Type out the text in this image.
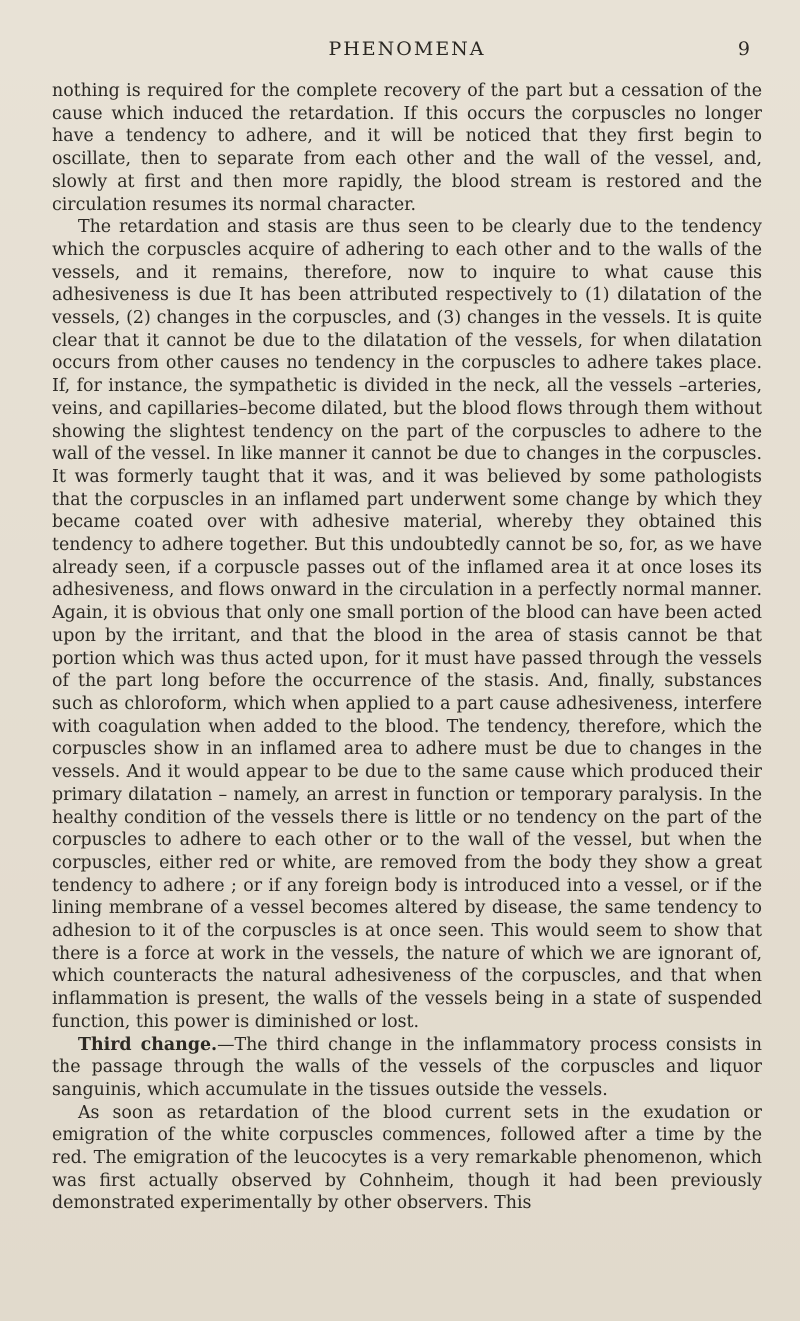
PHENOMENA	9

nothing is required for the complete recovery of the part but a cessation of the cause which induced the retardation. If this occurs the corpuscles no longer have a tendency to adhere, and it will be noticed that they first begin to oscillate, then to separate from each other and the wall of the vessel, and, slowly at first and then more rapidly, the blood stream is restored and the circulation resumes its normal character.

The retardation and stasis are thus seen to be clearly due to the tendency which the corpuscles acquire of adhering to each other and to the walls of the vessels, and it remains, therefore, now to inquire to what cause this adhesiveness is due It has been attributed respectively to (1) dilatation of the vessels, (2) changes in the corpuscles, and (3) changes in the vessels. It is quite clear that it cannot be due to the dilatation of the vessels, for when dilatation occurs from other causes no tendency in the corpuscles to adhere takes place. If, for instance, the sympathetic is divided in the neck, all the vessels –arteries, veins, and capillaries–become dilated, but the blood flows through them without showing the slightest tendency on the part of the corpuscles to adhere to the wall of the vessel. In like manner it cannot be due to changes in the corpuscles. It was formerly taught that it was, and it was believed by some pathologists that the corpuscles in an inflamed part underwent some change by which they became coated over with adhesive material, whereby they obtained this tendency to adhere together. But this undoubtedly cannot be so, for, as we have already seen, if a corpuscle passes out of the inflamed area it at once loses its adhesiveness, and flows onward in the circulation in a perfectly normal manner. Again, it is obvious that only one small portion of the blood can have been acted upon by the irritant, and that the blood in the area of stasis cannot be that portion which was thus acted upon, for it must have passed through the vessels of the part long before the occurrence of the stasis. And, finally, substances such as chloroform, which when applied to a part cause adhesiveness, interfere with coagulation when added to the blood. The tendency, therefore, which the corpuscles show in an inflamed area to adhere must be due to changes in the vessels. And it would appear to be due to the same cause which produced their primary dilatation – namely, an arrest in function or temporary paralysis. In the healthy condition of the vessels there is little or no tendency on the part of the corpuscles to adhere to each other or to the wall of the vessel, but when the corpuscles, either red or white, are removed from the body they show a great tendency to adhere ; or if any foreign body is introduced into a vessel, or if the lining membrane of a vessel becomes altered by disease, the same tendency to adhesion to it of the corpuscles is at once seen. This would seem to show that there is a force at work in the vessels, the nature of which we are ignorant of, which counteracts the natural adhesiveness of the corpuscles, and that when inflammation is present, the walls of the vessels being in a state of suspended function, this power is diminished or lost.

Third change.—The third change in the inflammatory process consists in the passage through the walls of the vessels of the corpuscles and liquor sanguinis, which accumulate in the tissues outside the vessels.

As soon as retardation of the blood current sets in the exudation or emigration of the white corpuscles commences, followed after a time by the red. The emigration of the leucocytes is a very remarkable phenomenon, which was first actually observed by Cohnheim, though it had been previously demonstrated experimentally by other observers. This
